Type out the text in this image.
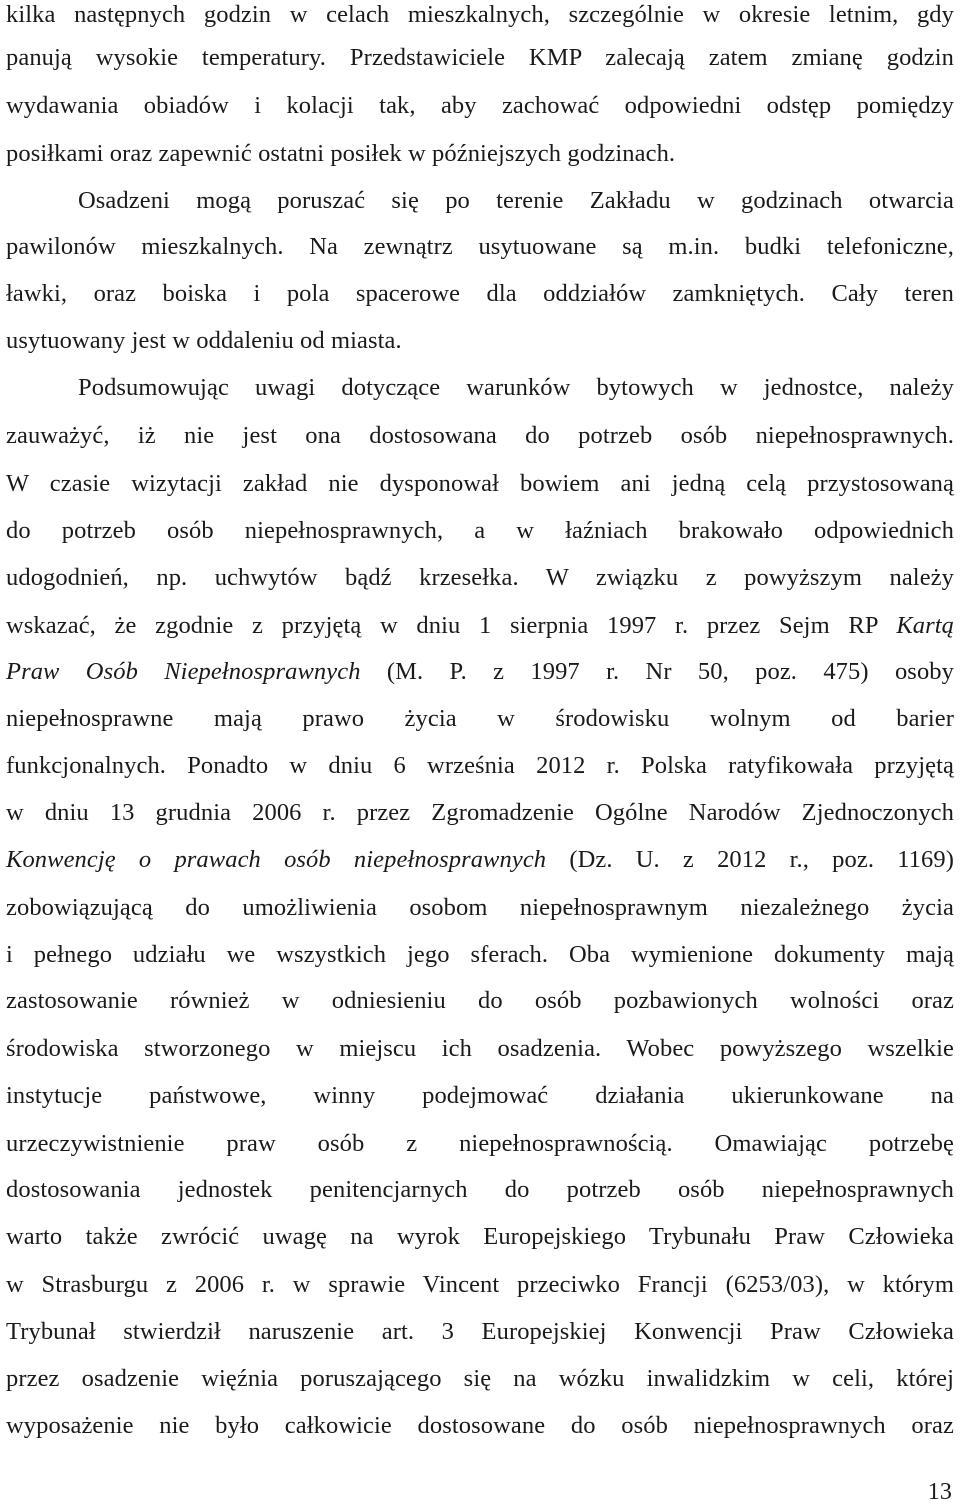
kilka następnych godzin w celach mieszkalnych, szczególnie w okresie letnim, gdy
panują wysokie temperatury. Przedstawiciele KMP zalecają zatem zmianę godzin
wydawania obiadów i kolacji tak, aby zachować odpowiedni odstęp pomiędzy
posiłkami oraz zapewnić ostatni posiłek w późniejszych godzinach.
Osadzeni mogą poruszać się po terenie Zakładu w godzinach otwarcia
pawilonów mieszkalnych. Na zewnątrz usytuowane są m.in. budki telefoniczne,
ławki, oraz boiska i pola spacerowe dla oddziałów zamkniętych. Cały teren
usytuowany jest w oddaleniu od miasta.
Podsumowując uwagi dotyczące warunków bytowych w jednostce, należy
zauważyć, iż nie jest ona dostosowana do potrzeb osób niepełnosprawnych.
W czasie wizytacji zakład nie dysponował bowiem ani jedną celą przystosowaną
do potrzeb osób niepełnosprawnych, a w łaźniach brakowało odpowiednich
udogodnień, np. uchwytów bądź krzesełka. W związku z powyższym należy
wskazać, że zgodnie z przyjętą w dniu 1 sierpnia 1997 r. przez Sejm RP Kartą
Praw Osób Niepełnosprawnych (M. P. z 1997 r. Nr 50, poz. 475) osoby
niepełnosprawne mają prawo życia w środowisku wolnym od barier
funkcjonalnych. Ponadto w dniu 6 września 2012 r. Polska ratyfikowała przyjętą
w dniu 13 grudnia 2006 r. przez Zgromadzenie Ogólne Narodów Zjednoczonych
Konwencję o prawach osób niepełnosprawnych (Dz. U. z 2012 r., poz. 1169)
zobowiązującą do umożliwienia osobom niepełnosprawnym niezależnego życia
i pełnego udziału we wszystkich jego sferach. Oba wymienione dokumenty mają
zastosowanie również w odniesieniu do osób pozbawionych wolności oraz
środowiska stworzonego w miejscu ich osadzenia. Wobec powyższego wszelkie
instytucje państwowe, winny podejmować działania ukierunkowane na
urzeczywistnienie praw osób z niepełnosprawnością. Omawiając potrzebę
dostosowania jednostek penitencjarnych do potrzeb osób niepełnosprawnych
warto także zwrócić uwagę na wyrok Europejskiego Trybunału Praw Człowieka
w Strasburgu z 2006 r. w sprawie Vincent przeciwko Francji (6253/03), w którym
Trybunał stwierdził naruszenie art. 3 Europejskiej Konwencji Praw Człowieka
przez osadzenie więźnia poruszającego się na wózku inwalidzkim w celi, której
wyposażenie nie było całkowicie dostosowane do osób niepełnosprawnych oraz
13
